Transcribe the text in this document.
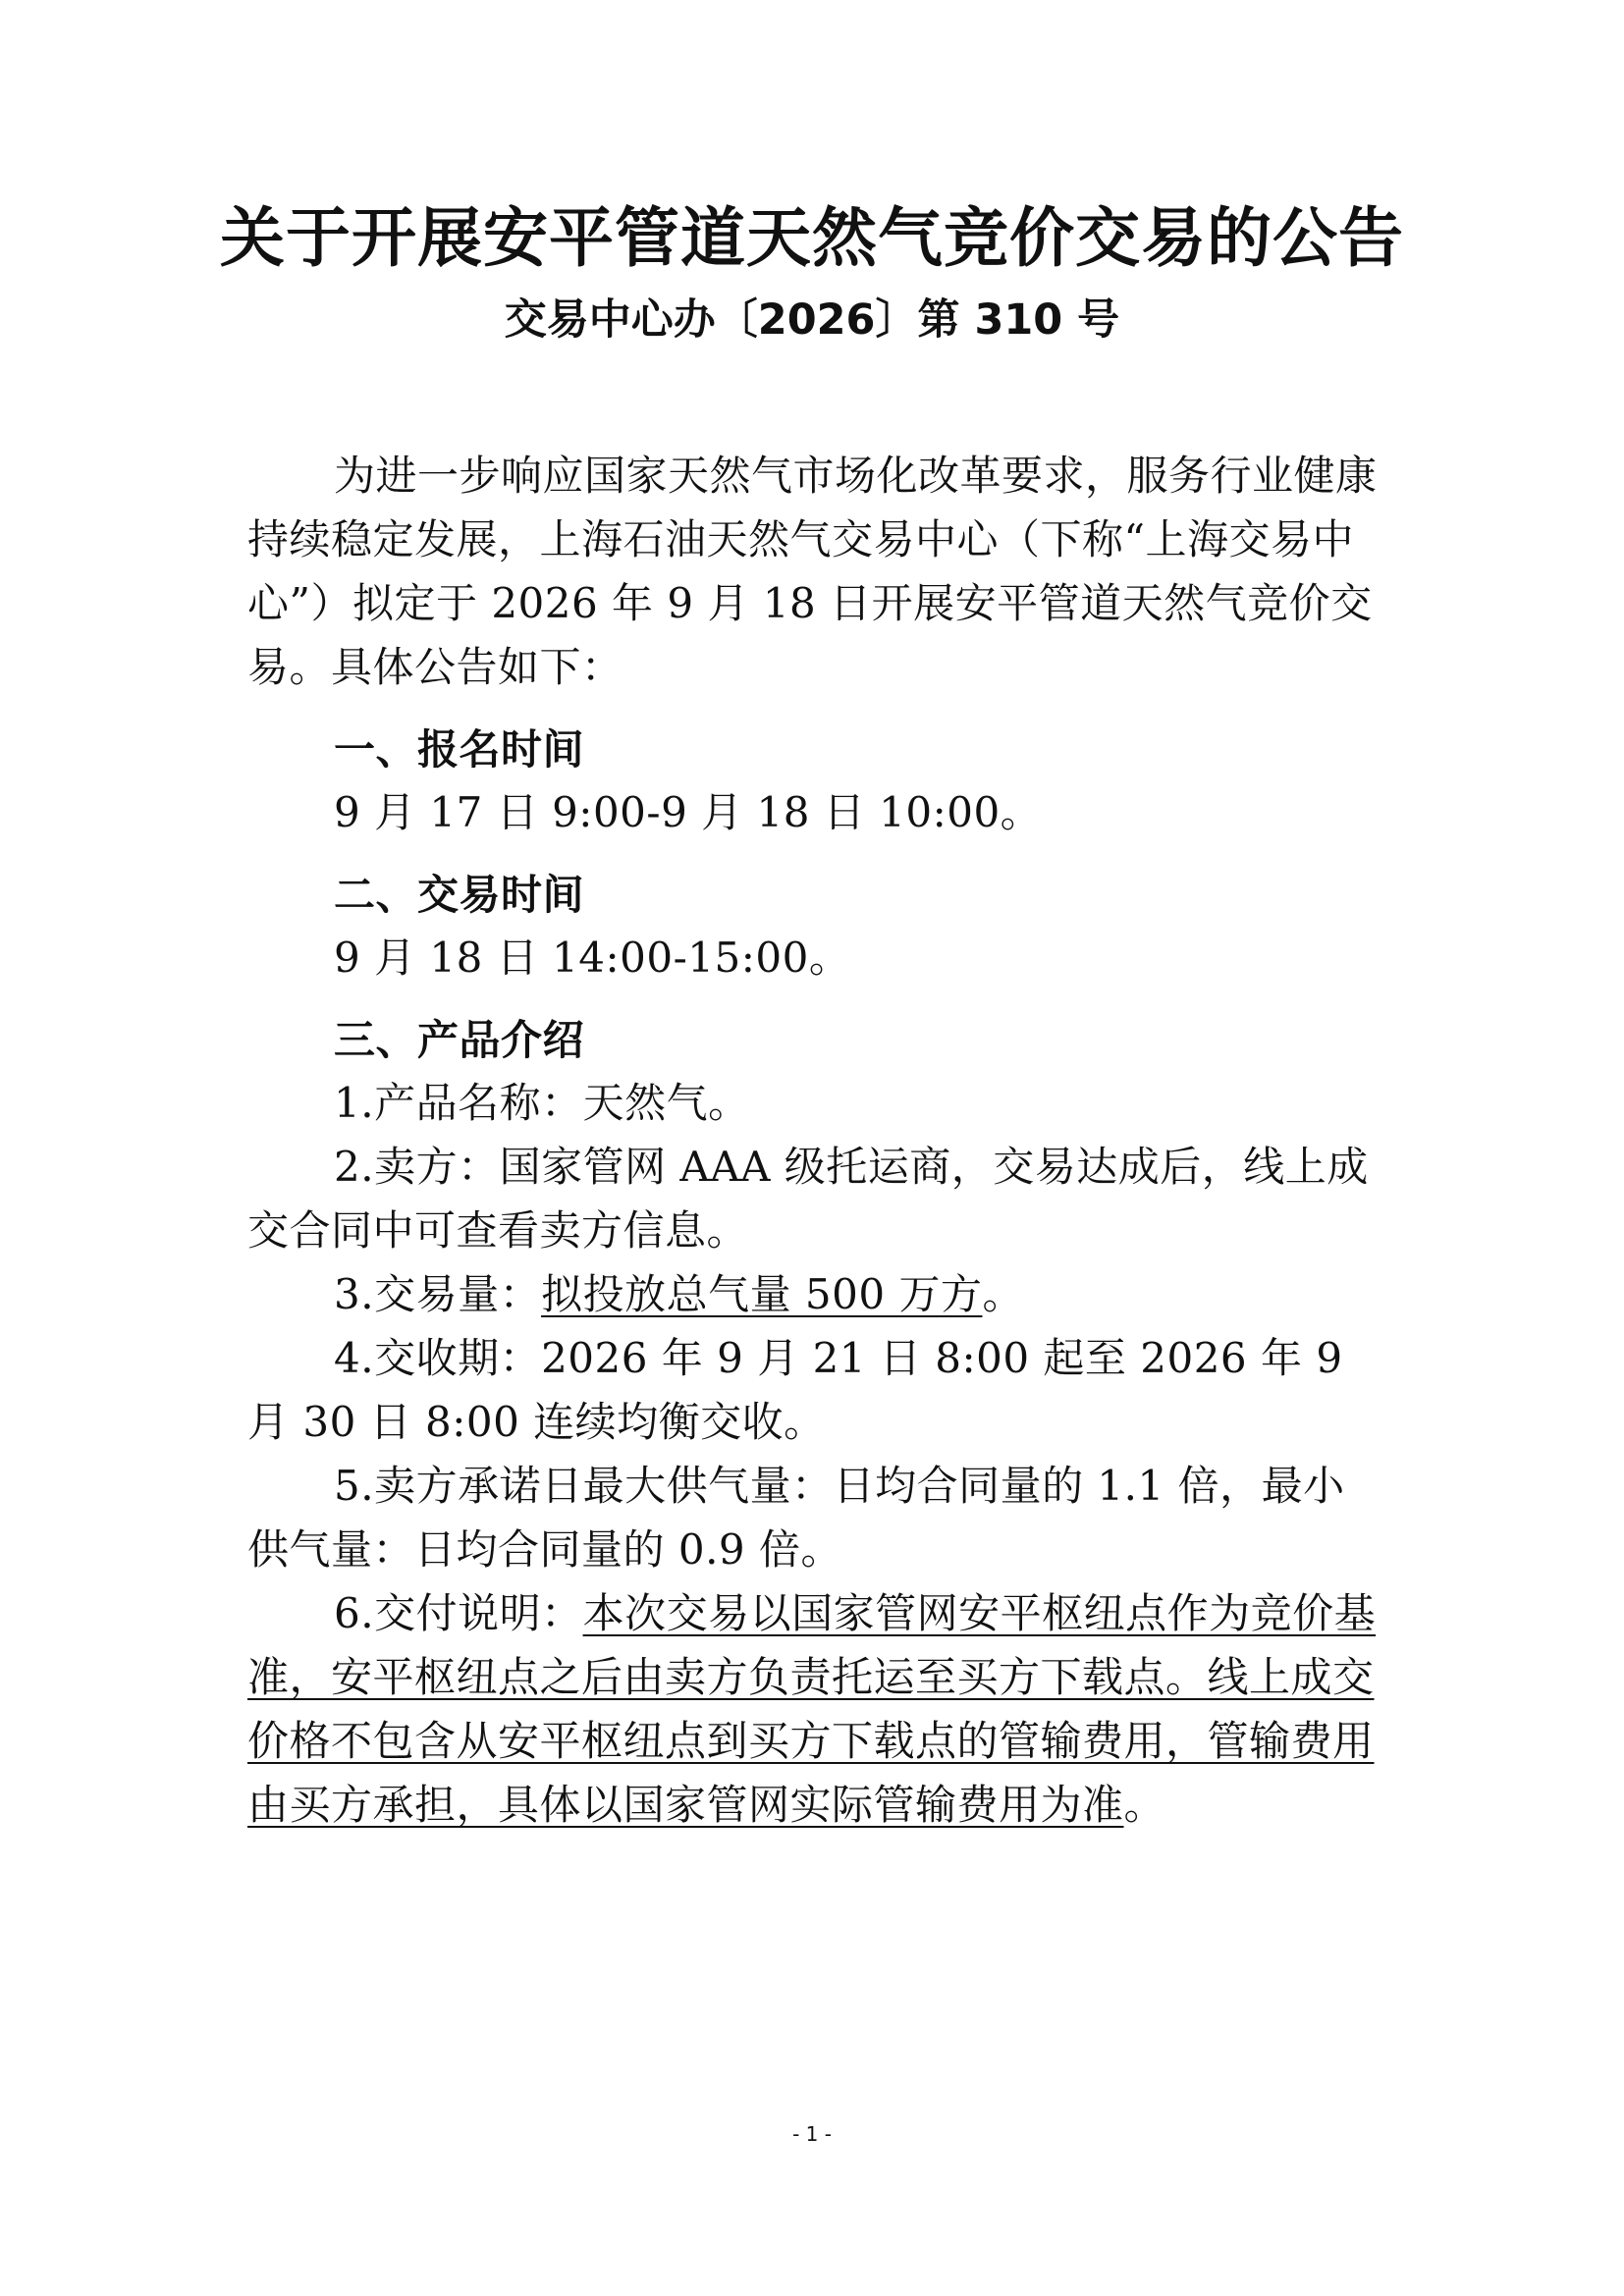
关于开展安平管道天然气竞价交易的公告
交易中心办〔2026〕第 310 号

为进一步响应国家天然气市场化改革要求，服务行业健康持续稳定发展，上海石油天然气交易中心（下称“上海交易中心”）拟定于 2026 年 9 月 18 日开展安平管道天然气竞价交易。具体公告如下：

一、报名时间

9 月 17 日 9:00-9 月 18 日 10:00。

二、交易时间

9 月 18 日 14:00-15:00。

三、产品介绍

1.产品名称：天然气。

2.卖方：国家管网 AAA 级托运商，交易达成后，线上成交合同中可查看卖方信息。

3.交易量：拟投放总气量 500 万方。

4.交收期：2026 年 9 月 21 日 8:00 起至 2026 年 9 月 30 日 8:00 连续均衡交收。

5.卖方承诺日最大供气量：日均合同量的 1.1 倍，最小供气量：日均合同量的 0.9 倍。

6.交付说明：本次交易以国家管网安平枢纽点作为竞价基准，安平枢纽点之后由卖方负责托运至买方下载点。线上成交价格不包含从安平枢纽点到买方下载点的管输费用，管输费用由买方承担，具体以国家管网实际管输费用为准。

- 1 -
